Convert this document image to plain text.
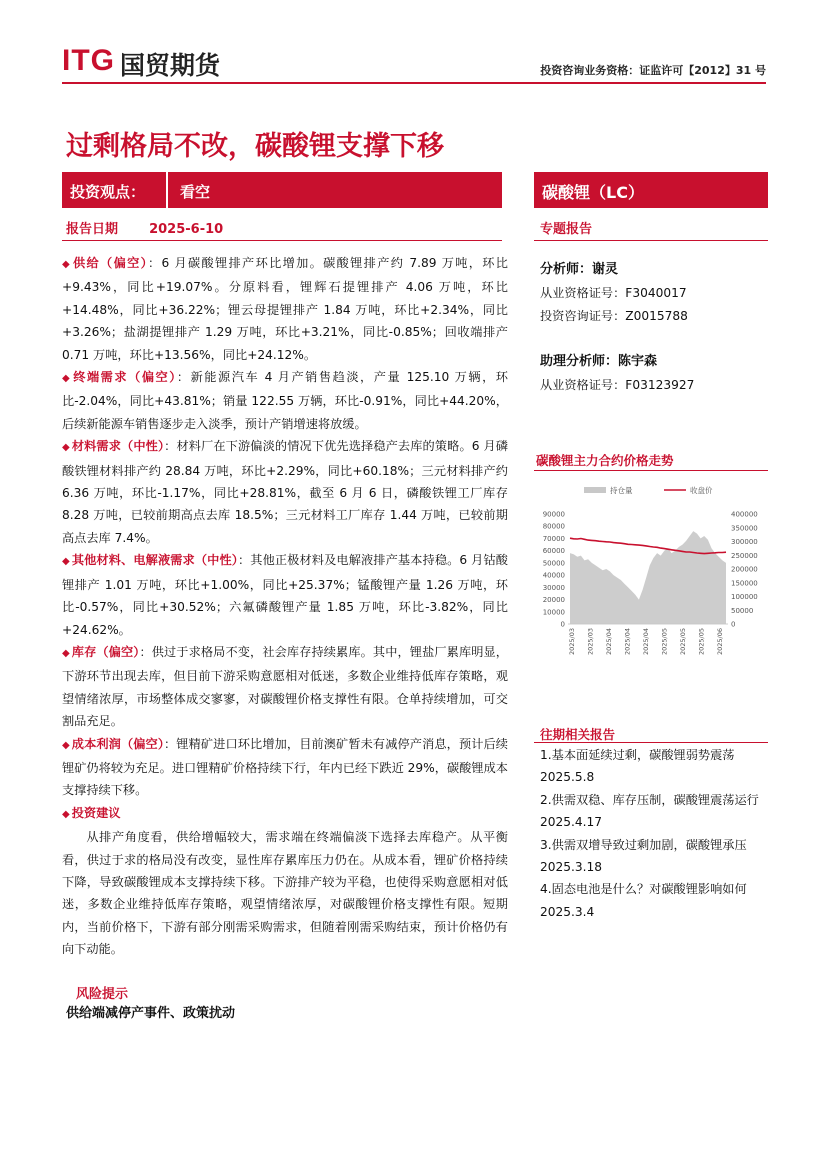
ITG 国贸期货	投资咨询业务资格：证监许可【2012】31 号
过剩格局不改，碳酸锂支撑下移
投资观点： 看空
报告日期 2025-6-10

◆ 供给（偏空）：6 月碳酸锂排产环比增加。碳酸锂排产约 7.89 万吨，环比+9.43%，同比+19.07%。分原料看，锂辉石提锂排产 4.06 万吨，环比+14.48%，同比+36.22%；锂云母提锂排产 1.84 万吨，环比+2.34%，同比+3.26%；盐湖提锂排产 1.29 万吨，环比+3.21%，同比-0.85%；回收端排产 0.71 万吨，环比+13.56%，同比+24.12%。

◆ 终端需求（偏空）：新能源汽车 4 月产销售趋淡，产量 125.10 万辆，环比-2.04%，同比+43.81%；销量 122.55 万辆，环比-0.91%，同比+44.20%，后续新能源车销售逐步走入淡季，预计产销增速将放缓。

◆ 材料需求（中性）：材料厂在下游偏淡的情况下优先选择稳产去库的策略。6 月磷酸铁锂材料排产约 28.84 万吨，环比+2.29%，同比+60.18%；三元材料排产约 6.36 万吨，环比-1.17%，同比+28.81%，截至 6 月 6 日，磷酸铁锂工厂库存 8.28 万吨，已较前期高点去库 18.5%；三元材料工厂库存 1.44 万吨，已较前期高点去库 7.4%。

◆ 其他材料、电解液需求（中性）：其他正极材料及电解液排产基本持稳。6 月钴酸锂排产 1.01 万吨，环比+1.00%，同比+25.37%；锰酸锂产量 1.26 万吨，环比-0.57%，同比+30.52%；六氟磷酸锂产量 1.85 万吨，环比-3.82%，同比+24.62%。

◆ 库存（偏空）：供过于求格局不变，社会库存持续累库。其中，锂盐厂累库明显，下游环节出现去库，但目前下游采购意愿相对低迷，多数企业维持低库存策略，观望情绪浓厚，市场整体成交寥寥，对碳酸锂价格支撑性有限。仓单持续增加，可交割品充足。

◆ 成本利润（偏空）：锂精矿进口环比增加，目前澳矿暂未有减停产消息，预计后续锂矿仍将较为充足。进口锂精矿价格持续下行，年内已经下跌近 29%，碳酸锂成本支撑持续下移。

◆ 投资建议

从排产角度看，供给增幅较大，需求端在终端偏淡下选择去库稳产。从平衡看，供过于求的格局没有改变，显性库存累库压力仍在。从成本看，锂矿价格持续下降，导致碳酸锂成本支撑持续下移。下游排产较为平稳，也使得采购意愿相对低迷，多数企业维持低库存策略，观望情绪浓厚，对碳酸锂价格支撑性有限。短期内，当前价格下，下游有部分刚需采购需求，但随着刚需采购结束，预计价格仍有向下动能。

风险提示
供给端减停产事件、政策扰动
碳酸锂（LC）
专题报告
分析师：谢灵
从业资格证号：F3040017
投资咨询证号：Z0015788
助理分析师：陈宇森
从业资格证号：F03123927
碳酸锂主力合约价格走势
持仓量	收盘价
0
10000
20000
30000
40000
50000
60000
70000
80000
90000
0
50000
100000
150000
200000
250000
300000
350000
400000
2025/03 2025/03 2025/04 2025/04 2025/04 2025/05 2025/05 2025/05 2025/06
往期相关报告
1.基本面延续过剩，碳酸锂弱势震荡 2025.5.8
2.供需双稳、库存压制，碳酸锂震荡运行 2025.4.17
3.供需双增导致过剩加剧，碳酸锂承压 2025.3.18
4.固态电池是什么？对碳酸锂影响如何 2025.3.4
